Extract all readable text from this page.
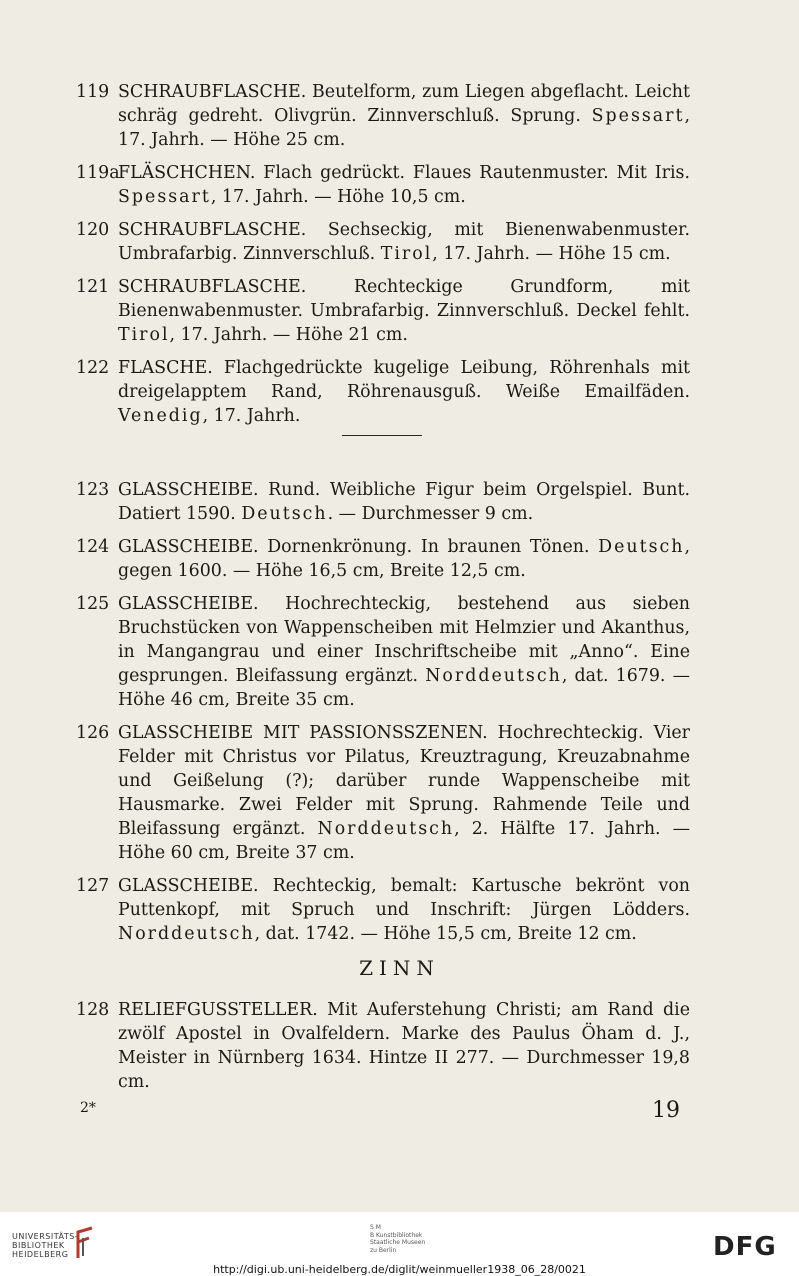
119 SCHRAUBFLASCHE. Beutelform, zum Liegen abgeflacht. Leicht schräg gedreht. Olivgrün. Zinnverschluß. Sprung. Spessart, 17. Jahrh. — Höhe 25 cm.
119a
FLÄSCHCHEN. Flach gedrückt. Flaues Rautenmuster. Mit Iris. Spessart, 17. Jahrh. — Höhe 10,5 cm.
120 SCHRAUBFLASCHE. Sechseckig, mit Bienenwabenmuster. Umbrafarbig. Zinnverschluß. Tirol, 17. Jahrh. — Höhe 15 cm.
121 SCHRAUBFLASCHE. Rechteckige Grundform, mit Bienenwabenmuster. Umbrafarbig. Zinnverschluß. Deckel fehlt. Tirol, 17. Jahrh. — Höhe 21 cm.
122 FLASCHE. Flachgedrückte kugelige Leibung, Röhrenhals mit dreigelapptem Rand, Röhrenausguß. Weiße Emailfäden. Venedig, 17. Jahrh.
123 GLASSCHEIBE. Rund. Weibliche Figur beim Orgelspiel. Bunt. Datiert 1590. Deutsch. — Durchmesser 9 cm.
124 GLASSCHEIBE. Dornenkrönung. In braunen Tönen. Deutsch, gegen 1600. — Höhe 16,5 cm, Breite 12,5 cm.
125 GLASSCHEIBE. Hochrechteckig, bestehend aus sieben Bruchstücken von Wappenscheiben mit Helmzier und Akanthus, in Mangangrau und einer Inschriftscheibe mit „Anno“. Eine gesprungen. Bleifassung ergänzt. Norddeutsch, dat. 1679. — Höhe 46 cm, Breite 35 cm.
126 GLASSCHEIBE MIT PASSIONSSZENEN. Hochrechteckig. Vier Felder mit Christus vor Pilatus, Kreuztragung, Kreuzabnahme und Geißelung (?); darüber runde Wappenscheibe mit Hausmarke. Zwei Felder mit Sprung. Rahmende Teile und Bleifassung ergänzt. Norddeutsch, 2. Hälfte 17. Jahrh. — Höhe 60 cm, Breite 37 cm.
127 GLASSCHEIBE. Rechteckig, bemalt: Kartusche bekrönt von Puttenkopf, mit Spruch und Inschrift: Jürgen Lödders. Norddeutsch, dat. 1742. — Höhe 15,5 cm, Breite 12 cm.
ZINN
128 RELIEFGUSSTELLER. Mit Auferstehung Christi; am Rand die zwölf Apostel in Ovalfeldern. Marke des Paulus Öham d. J., Meister in Nürnberg 1634. Hintze II 277. — Durchmesser 19,8 cm.
2*	19
UNIVERSITÄTS-
BIBLIOTHEK
HEIDELBERG
S M
B Kunstbibliothek
Staatliche Museen
zu Berlin	DFG
http://digi.ub.uni-heidelberg.de/diglit/weinmueller1938_06_28/0021
